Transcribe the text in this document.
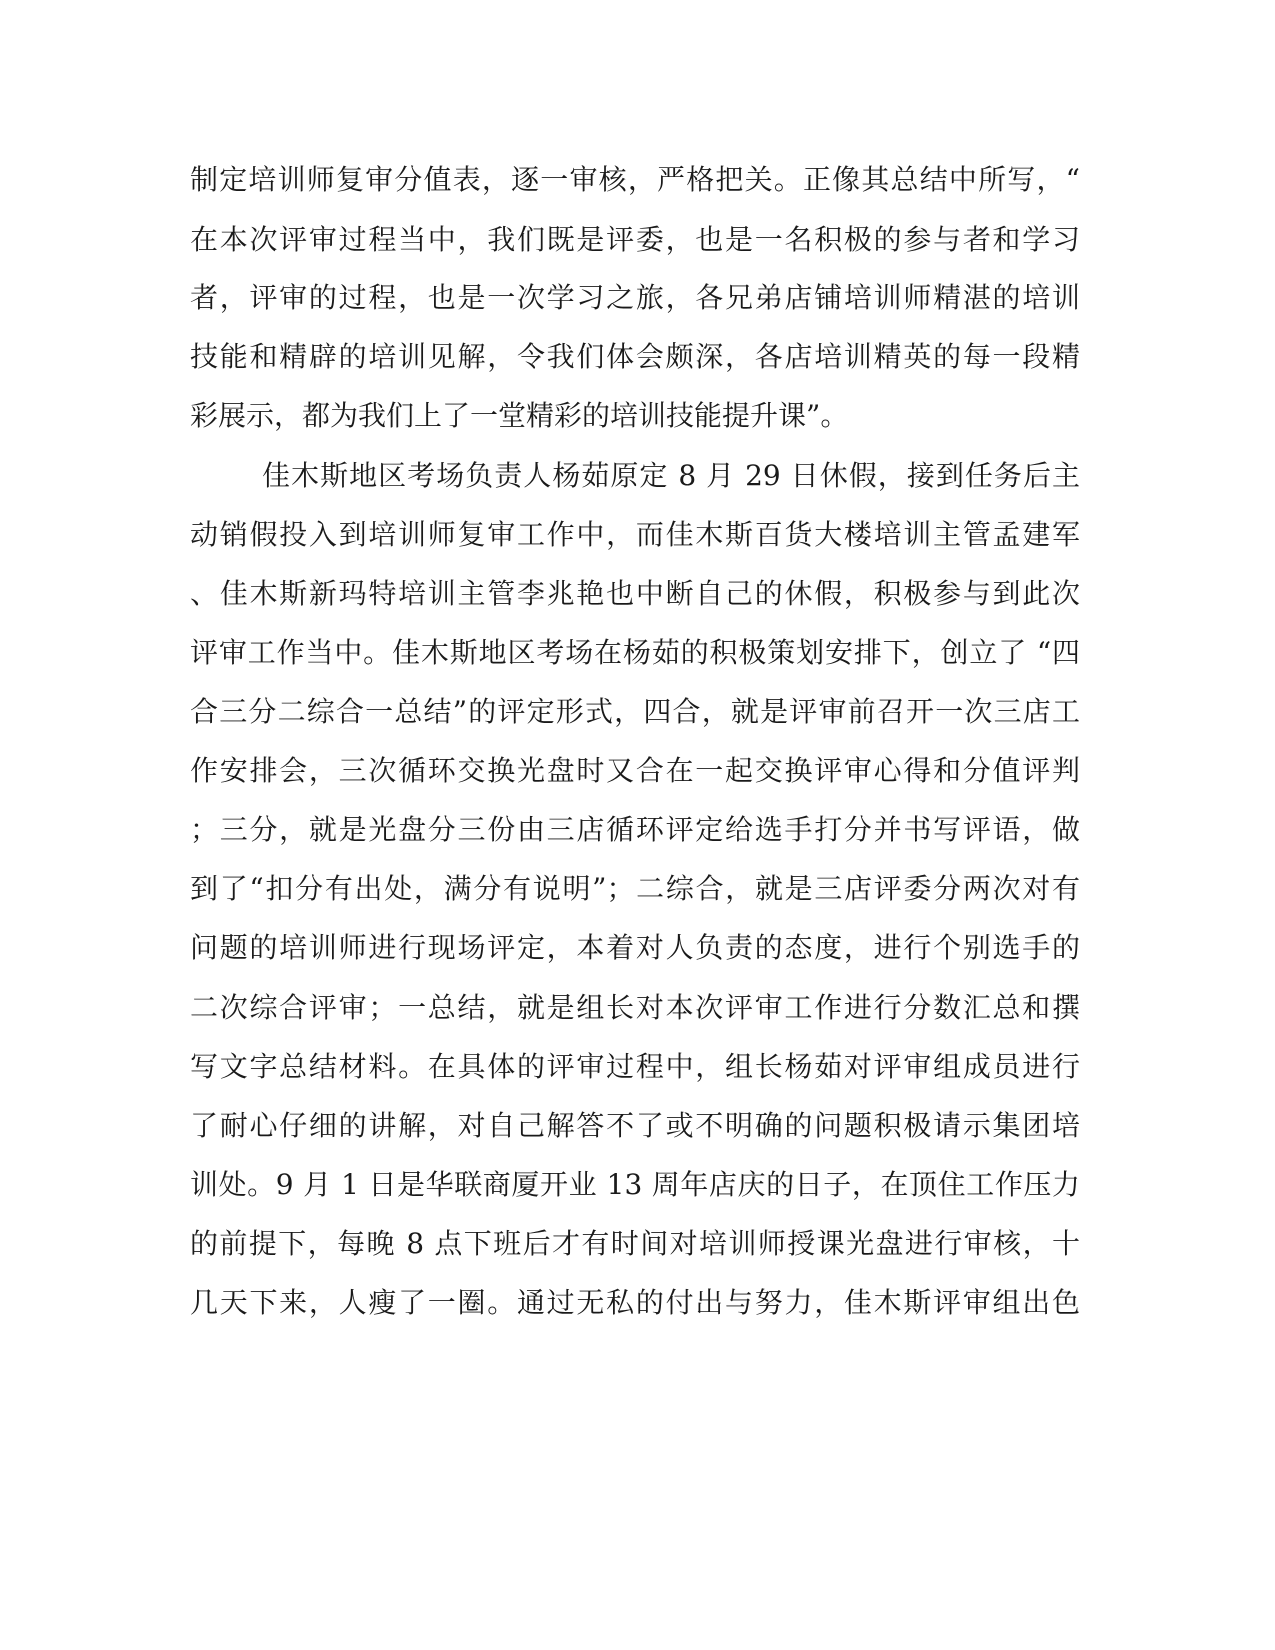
制定培训师复审分值表，逐一审核，严格把关。正像其总结中所写，“

在本次评审过程当中，我们既是评委，也是一名积极的参与者和学习

者，评审的过程，也是一次学习之旅，各兄弟店铺培训师精湛的培训

技能和精辟的培训见解，令我们体会颇深，各店培训精英的每一段精

彩展示，都为我们上了一堂精彩的培训技能提升课”。

佳木斯地区考场负责人杨茹原定 8 月 29 日休假，接到任务后主

动销假投入到培训师复审工作中，而佳木斯百货大楼培训主管孟建军

、佳木斯新玛特培训主管李兆艳也中断自己的休假，积极参与到此次

评审工作当中。佳木斯地区考场在杨茹的积极策划安排下，创立了 “四

合三分二综合一总结”的评定形式，四合，就是评审前召开一次三店工

作安排会，三次循环交换光盘时又合在一起交换评审心得和分值评判

；三分，就是光盘分三份由三店循环评定给选手打分并书写评语，做

到了“扣分有出处，满分有说明”；二综合，就是三店评委分两次对有

问题的培训师进行现场评定，本着对人负责的态度，进行个别选手的

二次综合评审；一总结，就是组长对本次评审工作进行分数汇总和撰

写文字总结材料。在具体的评审过程中，组长杨茹对评审组成员进行

了耐心仔细的讲解，对自己解答不了或不明确的问题积极请示集团培

训处。9 月 1 日是华联商厦开业 13 周年店庆的日子，在顶住工作压力

的前提下，每晚 8 点下班后才有时间对培训师授课光盘进行审核，十

几天下来，人瘦了一圈。通过无私的付出与努力，佳木斯评审组出色
